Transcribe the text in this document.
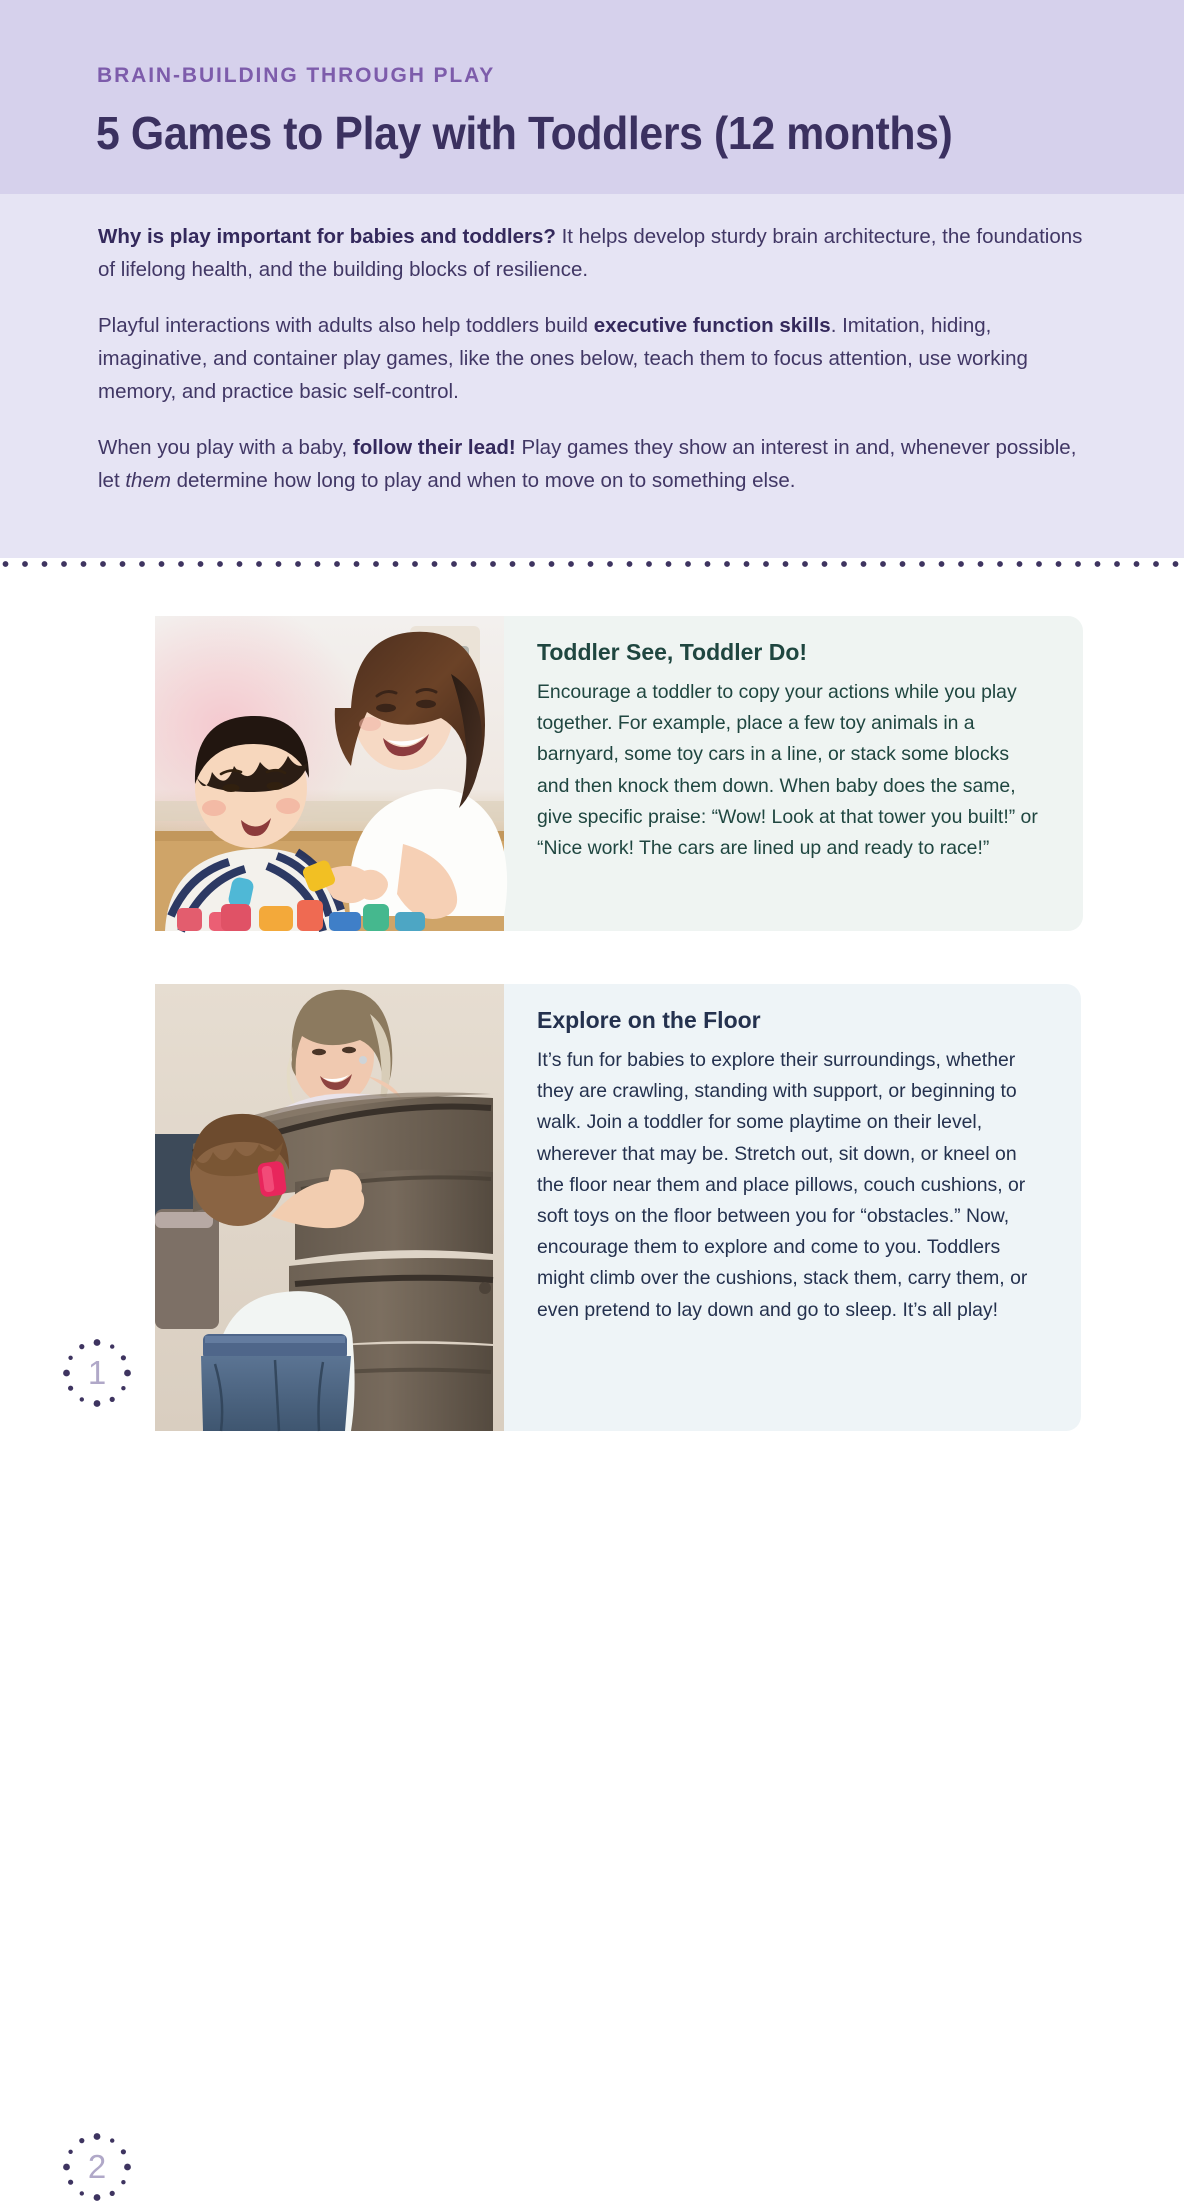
BRAIN-BUILDING THROUGH PLAY
5 Games to Play with Toddlers (12 months)

Why is play important for babies and toddlers? It helps develop sturdy brain architecture, the foundations of lifelong health, and the building blocks of resilience.

Playful interactions with adults also help toddlers build executive function skills. Imitation, hiding, imaginative, and container play games, like the ones below, teach them to focus attention, use working memory, and practice basic self-control.

When you play with a baby, follow their lead! Play games they show an interest in and, whenever possible, let them determine how long to play and when to move on to something else.

1
Toddler See, Toddler Do!
Encourage a toddler to copy your actions while you play together. For example, place a few toy animals in a barnyard, some toy cars in a line, or stack some blocks and then knock them down. When baby does the same, give specific praise: “Wow! Look at that tower you built!” or “Nice work! The cars are lined up and ready to race!”
2
Explore on the Floor
It’s fun for babies to explore their surroundings, whether they are crawling, standing with support, or beginning to walk. Join a toddler for some playtime on their level, wherever that may be. Stretch out, sit down, or kneel on the floor near them and place pillows, couch cushions, or soft toys on the floor between you for “obstacles.” Now, encourage them to explore and come to you. Toddlers might climb over the cushions, stack them, carry them, or even pretend to lay down and go to sleep. It’s all play!
